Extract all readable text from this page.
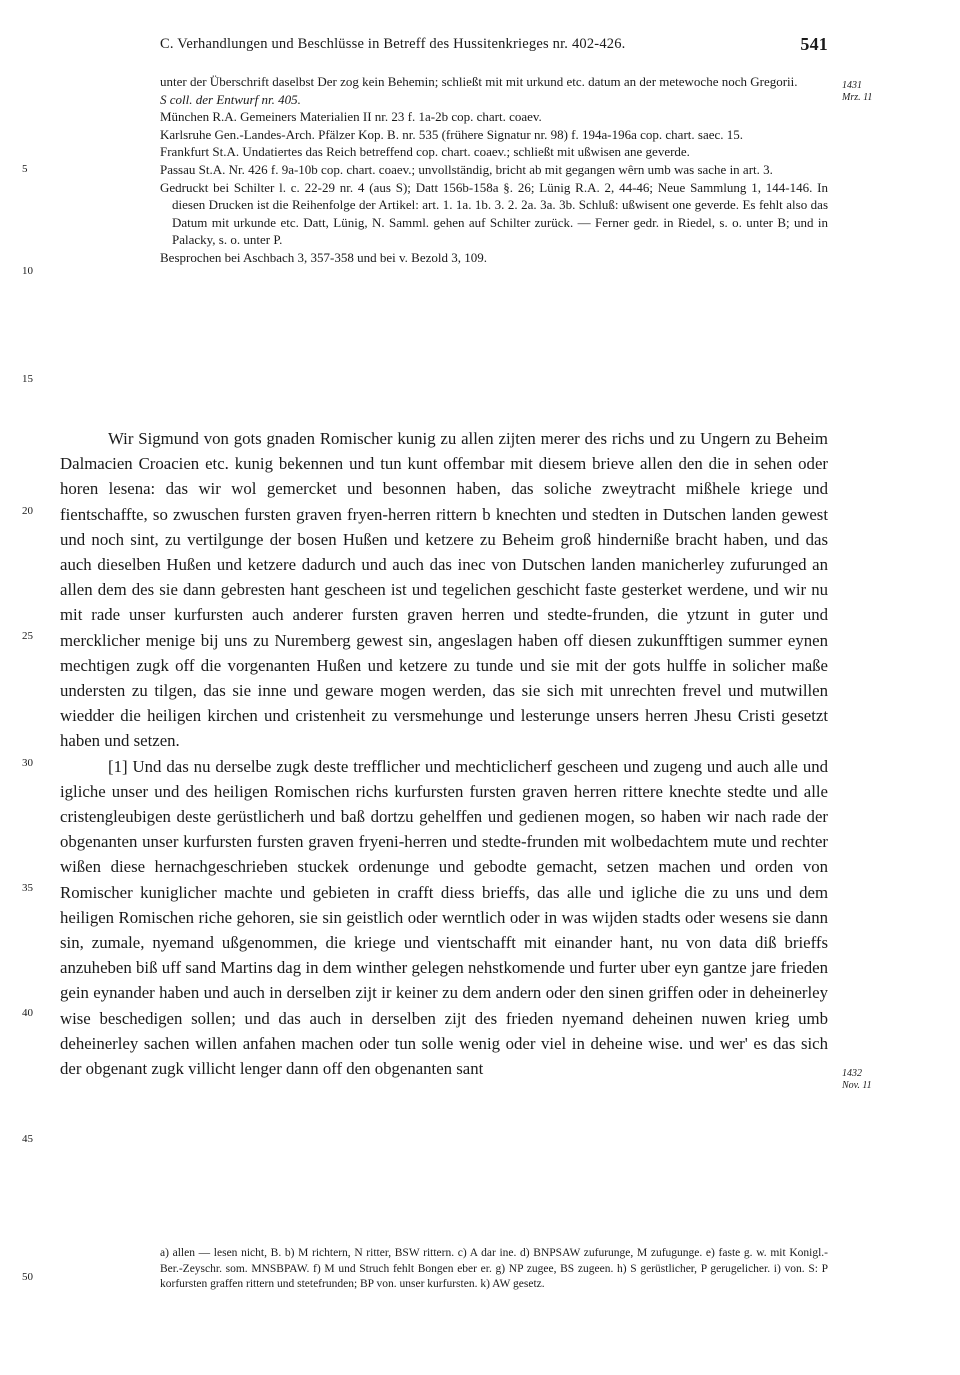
C. Verhandlungen und Beschlüsse in Betreff des Hussitenkrieges nr. 402-426.	541
5
10
15
20
25
30
35
40
45
50
1431
Mrz. 11
1432
Nov. 11

unter der Überschrift daselbst Der zog kein Behemin; schließt mit mit urkund etc. datum an der metewoche noch Gregorii.

S coll. der Entwurf nr. 405.

München R.A. Gemeiners Materialien II nr. 23 f. 1a-2b cop. chart. coaev.

Karlsruhe Gen.-Landes-Arch. Pfälzer Kop. B. nr. 535 (frühere Signatur nr. 98) f. 194a-196a cop. chart. saec. 15.

Frankfurt St.A. Undatiertes das Reich betreffend cop. chart. coaev.; schließt mit ußwisen ane geverde.

Passau St.A. Nr. 426 f. 9a-10b cop. chart. coaev.; unvollständig, bricht ab mit gegangen wêrn umb was sache in art. 3.

Gedruckt bei Schilter l. c. 22-29 nr. 4 (aus S); Datt 156b-158a §. 26; Lünig R.A. 2, 44-46; Neue Sammlung 1, 144-146. In diesen Drucken ist die Reihenfolge der Artikel: art. 1. 1a. 1b. 3. 2. 2a. 3a. 3b. Schluß: ußwisent one geverde. Es fehlt also das Datum mit urkunde etc. Datt, Lünig, N. Samml. gehen auf Schilter zurück. — Ferner gedr. in Riedel, s. o. unter B; und in Palacky, s. o. unter P.

Besprochen bei Aschbach 3, 357-358 und bei v. Bezold 3, 109.

Wir Sigmund von gots gnaden Romischer kunig zu allen zijten merer des richs und zu Ungern zu Beheim Dalmacien Croacien etc. kunig bekennen und tun kunt offembar mit diesem brieve allen den die in sehen oder horen lesena: das wir wol gemercket und besonnen haben, das soliche zweytracht mißhele kriege und fientschaffte, so zwuschen fursten graven fryen-herren rittern b knechten und stedten in Dutschen landen gewest und noch sint, zu vertilgunge der bosen Hußen und ketzere zu Beheim groß hinderniße bracht haben, und das auch dieselben Hußen und ketzere dadurch und auch das inec von Dutschen landen manicherley zufurunged an allen dem des sie dann gebresten hant gescheen ist und tegelichen geschicht faste gesterket werdene, und wir nu mit rade unser kurfursten auch anderer fursten graven herren und stedte-frunden, die ytzunt in guter und mercklicher menige bij uns zu Nuremberg gewest sin, angeslagen haben off diesen zukunfftigen summer eynen mechtigen zugk off die vorgenanten Hußen und ketzere zu tunde und sie mit der gots hulffe in solicher maße understen zu tilgen, das sie inne und geware mogen werden, das sie sich mit unrechten frevel und mutwillen wiedder die heiligen kirchen und cristenheit zu versmehunge und lesterunge unsers herren Jhesu Cristi gesetzt haben und setzen.

[1] Und das nu derselbe zugk deste trefflicher und mechticlicherf gescheen und zugeng und auch alle und igliche unser und des heiligen Romischen richs kurfursten fursten graven herren rittere knechte stedte und alle cristengleubigen deste gerüstlicherh und baß dortzu gehelffen und gedienen mogen, so haben wir nach rade der obgenanten unser kurfursten fursten graven fryeni-herren und stedte-frunden mit wolbedachtem mute und rechter wißen diese hernachgeschrieben stuckek ordenunge und gebodte gemacht, setzen machen und orden von Romischer kuniglicher machte und gebieten in crafft diess brieffs, das alle und igliche die zu uns und dem heiligen Romischen riche gehoren, sie sin geistlich oder werntlich oder in was wijden stadts oder wesens sie dann sin, zumale, nyemand ußgenommen, die kriege und vientschafft mit einander hant, nu von data diß brieffs anzuheben biß uff sand Martins dag in dem winther gelegen nehstkomende und furter uber eyn gantze jare frieden gein eynander haben und auch in derselben zijt ir keiner zu dem andern oder den sinen griffen oder in deheinerley wise beschedigen sollen; und das auch in derselben zijt des frieden nyemand deheinen nuwen krieg umb deheinerley sachen willen anfahen machen oder tun solle wenig oder viel in deheine wise. und wer' es das sich der obgenant zugk villicht lenger dann off den obgenanten sant

a) allen — lesen nicht, B. b) M richtern, N ritter, BSW rittern. c) A dar ine. d) BNPSAW zufurunge, M zufugunge. e) faste g. w. mit Konigl.-Ber.-Zeyschr. som. MNSBPAW. f) M und Struch fehlt Bongen eber er. g) NP zugee, BS zugeen. h) S gerüstlicher, P gerugelicher. i) von. S: P korfursten graffen rittern und stetefrunden; BP von. unser kurfursten. k) AW gesetz.
